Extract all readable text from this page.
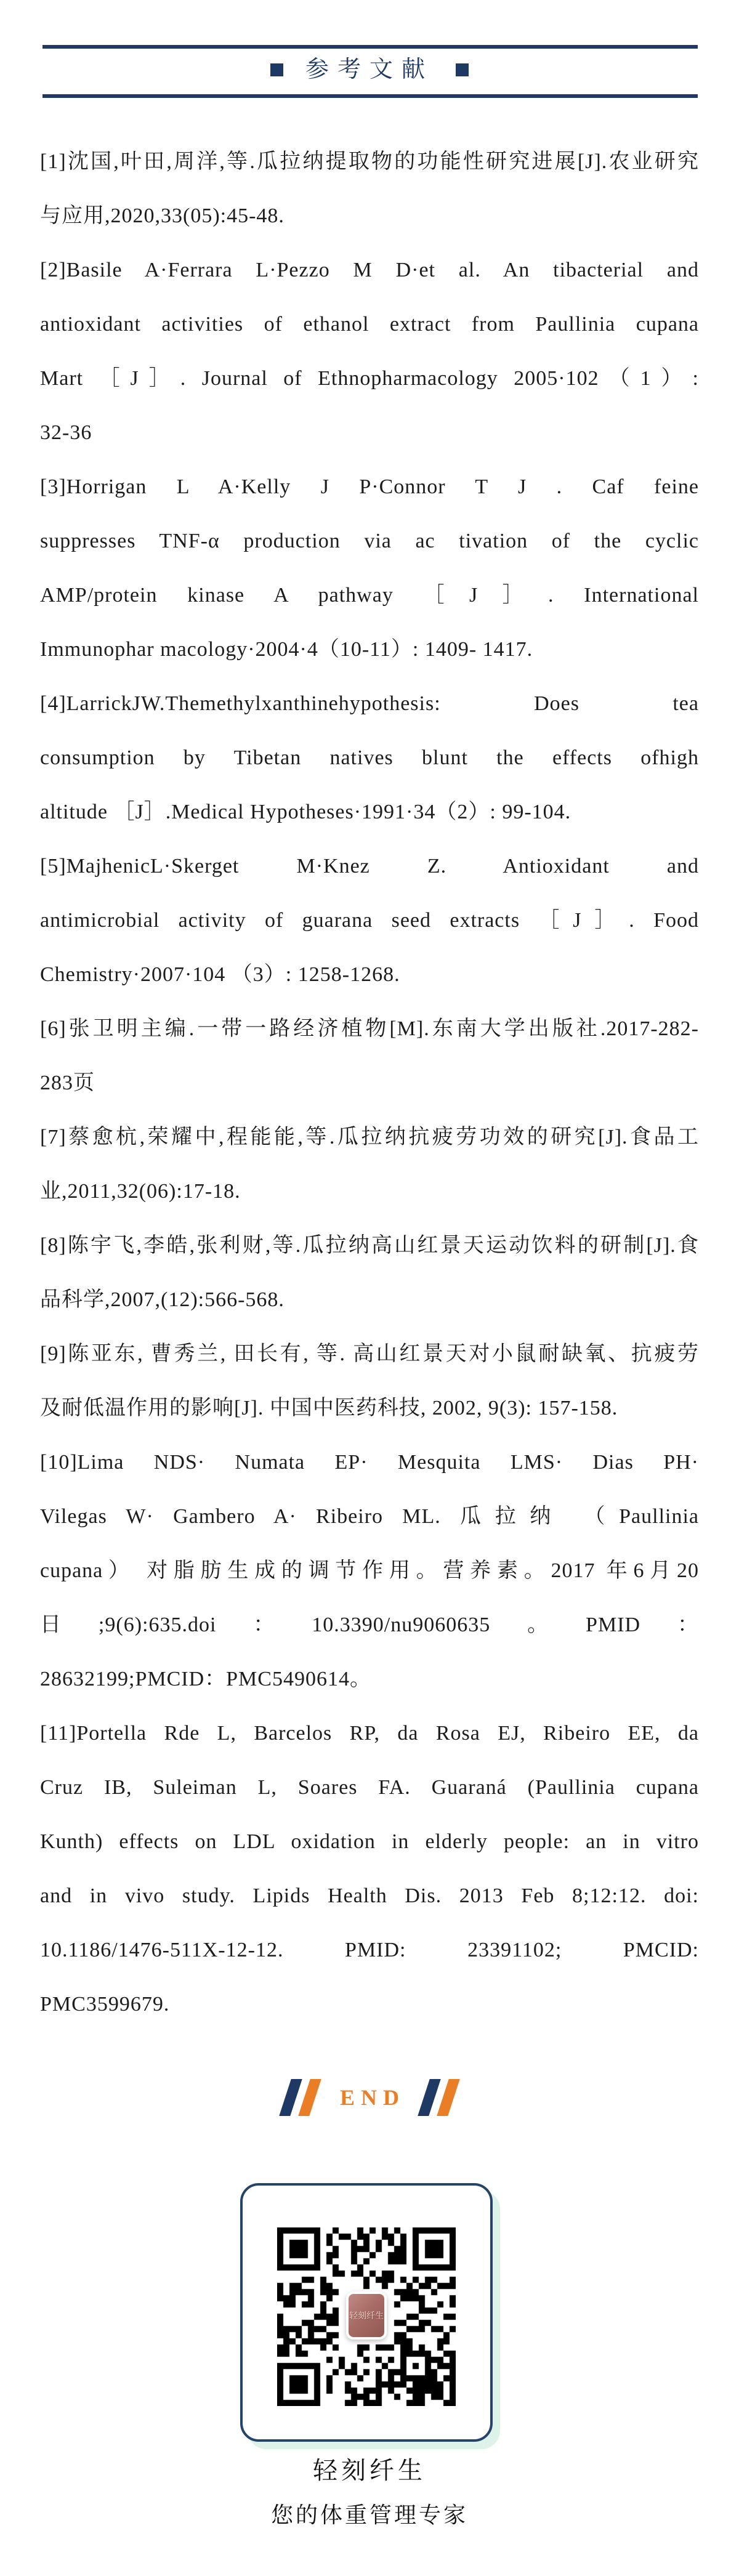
参考文献
[1]沈国,叶田,周洋,等.瓜拉纳提取物的功能性研究进展[J].农业研究
与应用,2020,33(05):45-48.
[2]Basile A·Ferrara L·Pezzo M D·et al. An tibacterial and
antioxidant activities of ethanol extract from Paullinia cupana
Mart ［J］. Journal of Ethnopharmacology 2005·102（1）:
32-36
[3]Horrigan L A·Kelly J P·Connor T J . Caf feine
suppresses TNF-α production via ac tivation of the cyclic
AMP/protein kinase A pathway ［J］. International
Immunophar macology·2004·4（10-11）: 1409- 1417.
[4]LarrickJW.Themethylxanthinehypothesis: Does tea
consumption by Tibetan natives blunt the effects ofhigh
altitude ［J］.Medical Hypotheses·1991·34（2）: 99-104.
[5]MajhenicL·Skerget M·Knez Z. Antioxidant and
antimicrobial activity of guarana seed extracts ［J］. Food
Chemistry·2007·104 （3）: 1258-1268.
[6]张卫明主编.一带一路经济植物[M].东南大学出版社.2017-282-
283页
[7]蔡愈杭,荣耀中,程能能,等.瓜拉纳抗疲劳功效的研究[J].食品工
业,2011,32(06):17-18.
[8]陈宇飞,李皓,张利财,等.瓜拉纳高山红景天运动饮料的研制[J].食
品科学,2007,(12):566-568.
[9]陈亚东, 曹秀兰, 田长有, 等. 高山红景天对小鼠耐缺氧、抗疲劳
及耐低温作用的影响[J]. 中国中医药科技, 2002, 9(3): 157-158.
[10]Lima NDS· Numata EP· Mesquita LMS· Dias PH·
Vilegas W· Gambero A· Ribeiro ML. 瓜拉纳 （Paullinia
cupana） 对脂肪生成的调节作用。营养素。2017 年6月20
日;9(6):635.doi：10.3390/nu9060635。PMID：
28632199;PMCID：PMC5490614。
[11]Portella Rde L, Barcelos RP, da Rosa EJ, Ribeiro EE, da
Cruz IB, Suleiman L, Soares FA. Guaraná (Paullinia cupana
Kunth) effects on LDL oxidation in elderly people: an in vitro
and in vivo study. Lipids Health Dis. 2013 Feb 8;12:12. doi:
10.1186/1476-511X-12-12. PMID: 23391102; PMCID:
PMC3599679.
END
轻刻纤生
轻刻纤生
您的体重管理专家
